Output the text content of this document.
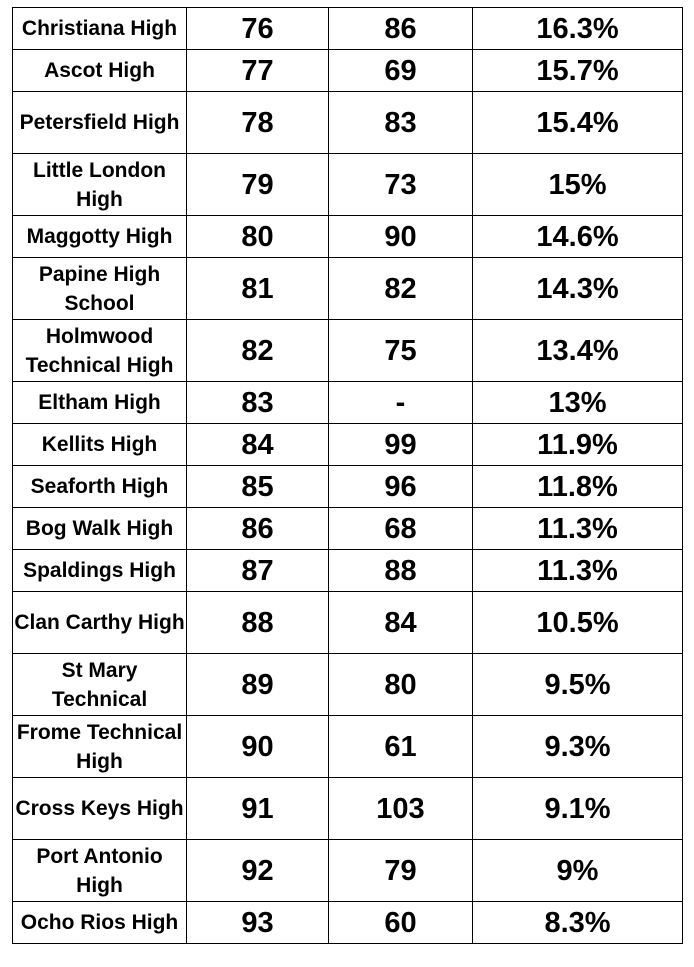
Christiana High	76	86	16.3%
Ascot High	77	69	15.7%
Petersfield High	78	83	15.4%
Little London High	79	73	15%
Maggotty High	80	90	14.6%
Papine High School	81	82	14.3%
Holmwood Technical High	82	75	13.4%
Eltham High	83	-	13%
Kellits High	84	99	11.9%
Seaforth High	85	96	11.8%
Bog Walk High	86	68	11.3%
Spaldings High	87	88	11.3%
Clan Carthy High	88	84	10.5%
St Mary Technical	89	80	9.5%
Frome Technical High	90	61	9.3%
Cross Keys High	91	103	9.1%
Port Antonio High	92	79	9%
Ocho Rios High	93	60	8.3%
